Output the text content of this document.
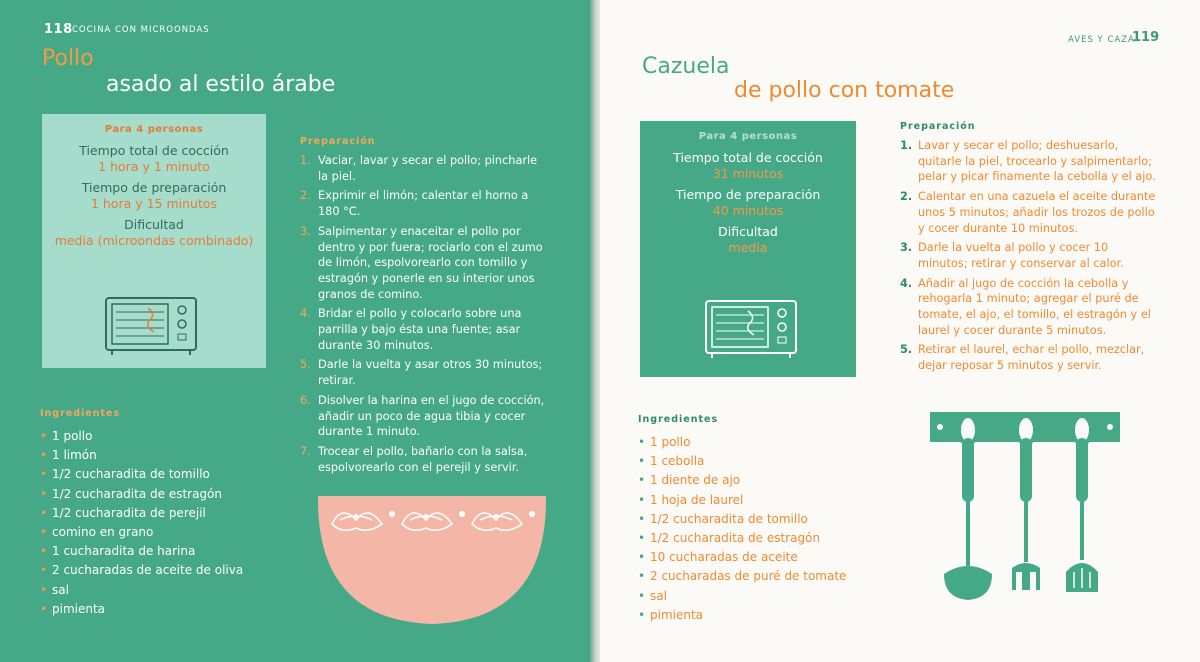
118 COCINA CON MICROONDAS
Pollo
asado al estilo árabe
Para 4 personas
Tiempo total de cocción
1 hora y 1 minuto
Tiempo de preparación
1 hora y 15 minutos
Dificultad
media (microondas combinado)
Preparación
1. Vaciar, lavar y secar el pollo; pincharle la piel.
2. Exprimir el limón; calentar el horno a 180 °C.
3. Salpimentar y enaceitar el pollo por dentro y por fuera; rociarlo con el zumo de limón, espolvorearlo con tomillo y estragón y ponerle en su interior unos granos de comino.
4. Bridar el pollo y colocarlo sobre una parrilla y bajo ésta una fuente; asar durante 30 minutos.
5. Darle la vuelta y asar otros 30 minutos; retirar.
6. Disolver la harina en el jugo de cocción, añadir un poco de agua tibia y cocer durante 1 minuto.
7. Trocear el pollo, bañarlo con la salsa, espolvorearlo con el perejil y servir.
Ingredientes
• 1 pollo
• 1 limón
• 1/2 cucharadita de tomillo
• 1/2 cucharadita de estragón
• 1/2 cucharadita de perejil
• comino en grano
• 1 cucharadita de harina
• 2 cucharadas de aceite de oliva
• sal
• pimienta
AVES Y CAZA
119
Cazuela
de pollo con tomate
Para 4 personas
Tiempo total de cocción
31 minutos
Tiempo de preparación
40 minutos
Dificultad
media
Preparación
1. Lavar y secar el pollo; deshuesarlo, quitarle la piel, trocearlo y salpimentarlo; pelar y picar finamente la cebolla y el ajo.
2. Calentar en una cazuela el aceite durante unos 5 minutos; añadir los trozos de pollo y cocer durante 10 minutos.
3. Darle la vuelta al pollo y cocer 10 minutos; retirar y conservar al calor.
4. Añadir al jugo de cocción la cebolla y rehogarla 1 minuto; agregar el puré de tomate, el ajo, el tomillo, el estragón y el laurel y cocer durante 5 minutos.
5. Retirar el laurel, echar el pollo, mezclar, dejar reposar 5 minutos y servir.
Ingredientes
• 1 pollo
• 1 cebolla
• 1 diente de ajo
• 1 hoja de laurel
• 1/2 cucharadita de tomillo
• 1/2 cucharadita de estragón
• 10 cucharadas de aceite
• 2 cucharadas de puré de tomate
• sal
• pimienta
